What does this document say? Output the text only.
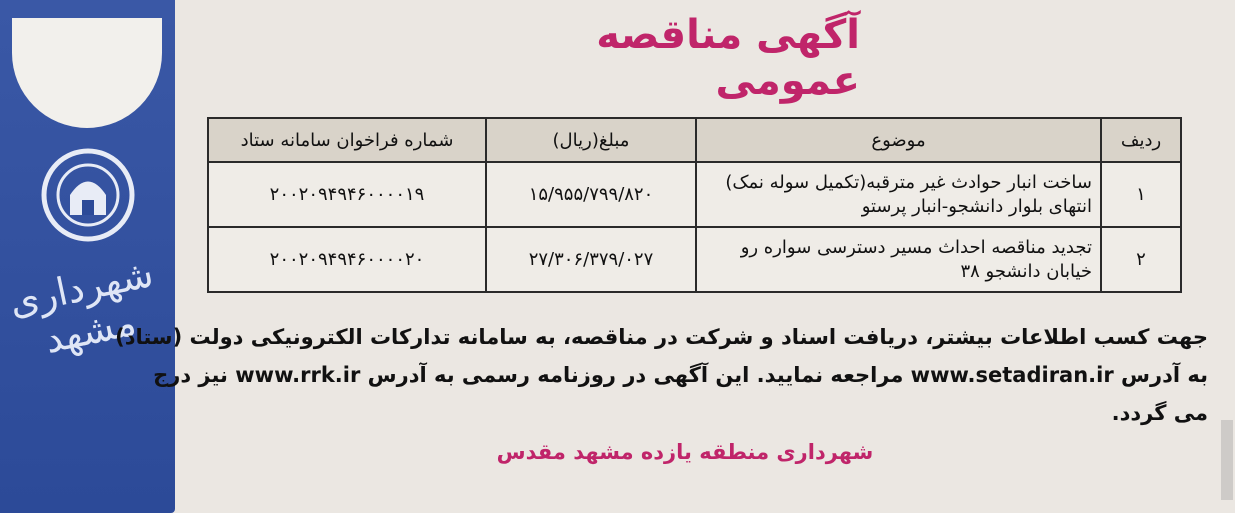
شهرداری مشهد
آگهی مناقصه عمومی
ردیف	موضوع	مبلغ(ریال)	شماره فراخوان سامانه ستاد
۱	ساخت انبار حوادث غیر مترقبه(تکمیل سوله نمک)
انتهای بلوار دانشجو-انبار پرستو	۱۵/۹۵۵/۷۹۹/۸۲۰	۲۰۰۲۰۹۴۹۴۶۰۰۰۰۱۹
۲	تجدید مناقصه احداث مسیر دسترسی سواره رو
خیابان دانشجو ۳۸	۲۷/۳۰۶/۳۷۹/۰۲۷	۲۰۰۲۰۹۴۹۴۶۰۰۰۰۲۰
جهت کسب اطلاعات بیشتر، دریافت اسناد و شرکت در مناقصه، به سامانه تدارکات الکترونیکی دولت (ستاد)
به آدرس www.setadiran.ir مراجعه نمایید. این آگهی در روزنامه رسمی به آدرس www.rrk.ir نیز درج
می گردد.
شهرداری منطقه یازده مشهد مقدس
